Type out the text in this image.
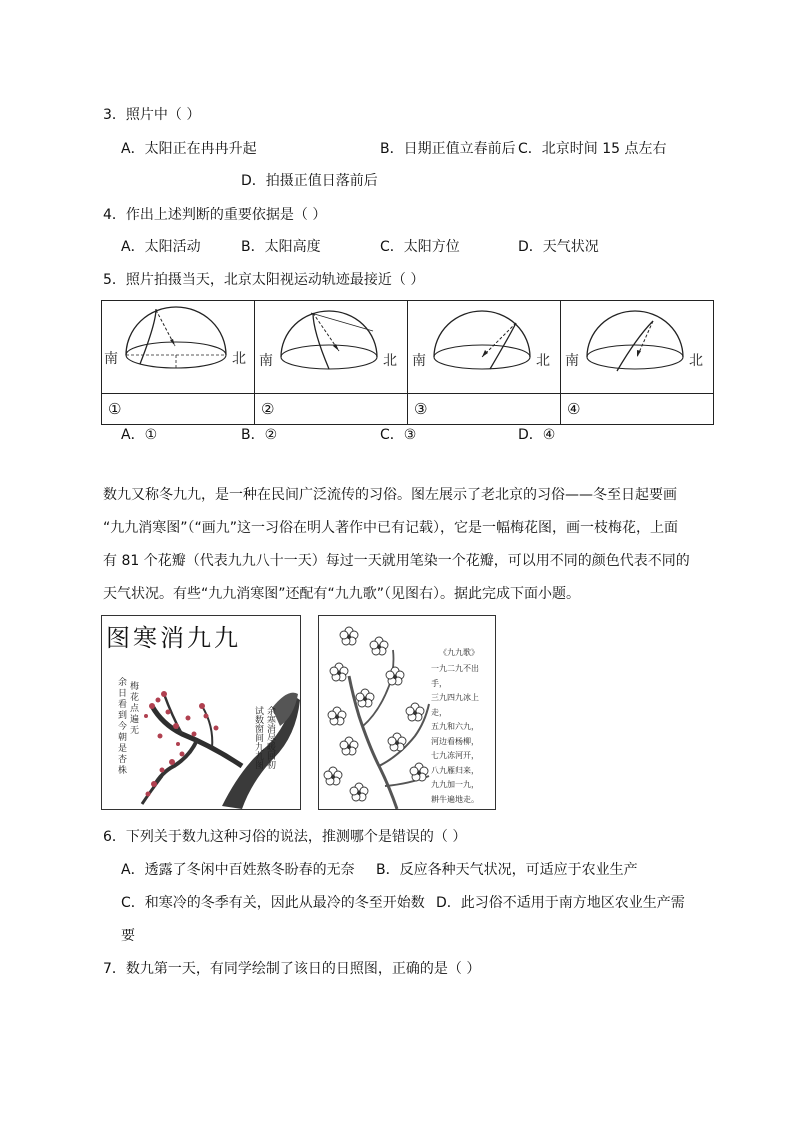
3．照片中（ ）
A．太阳正在冉冉升起	B．日期正值立春前后 C．北京时间 15 点左右
D．拍摄正值日落前后
4．作出上述判断的重要依据是（ ）
A．太阳活动	B．太阳高度	C．太阳方位	D．天气状况
5．照片拍摄当天，北京太阳视运动轨迹最接近（ ）
南 北	南 北	南 北	南 北

①	②	③	④
A．①	B．②	C．③	D．④
数九又称冬九九，是一种在民间广泛流传的习俗。图左展示了老北京的习俗——冬至日起要画
“九九消寒图”（“画九”这一习俗在明人著作中已有记载），它是一幅梅花图，画一枝梅花，上面
有 81 个花瓣（代表九九八十一天）每过一天就用笔染一个花瓣，可以用不同的颜色代表不同的
天气状况。有些“九九消寒图”还配有“九九歌”（见图右）。据此完成下面小题。
图寒消九九
试数窗间九九图 余寒消尽暖回初
余日看到今朝是杏株
梅花点遍无
《九九歌》
一九二九不出手，
三九四九冰上走，
五九和六九，
河边看杨柳，
七九冻河开，
八九雁归来，
九九加一九，
耕牛遍地走。
6．下列关于数九这种习俗的说法，推测哪个是错误的（ ）
A．透露了冬闲中百姓熬冬盼春的无奈 B．反应各种天气状况，可适应于农业生产
C．和寒冷的冬季有关，因此从最冷的冬至开始数 D．此习俗不适用于南方地区农业生产需
要
7．数九第一天，有同学绘制了该日的日照图，正确的是（ ）
